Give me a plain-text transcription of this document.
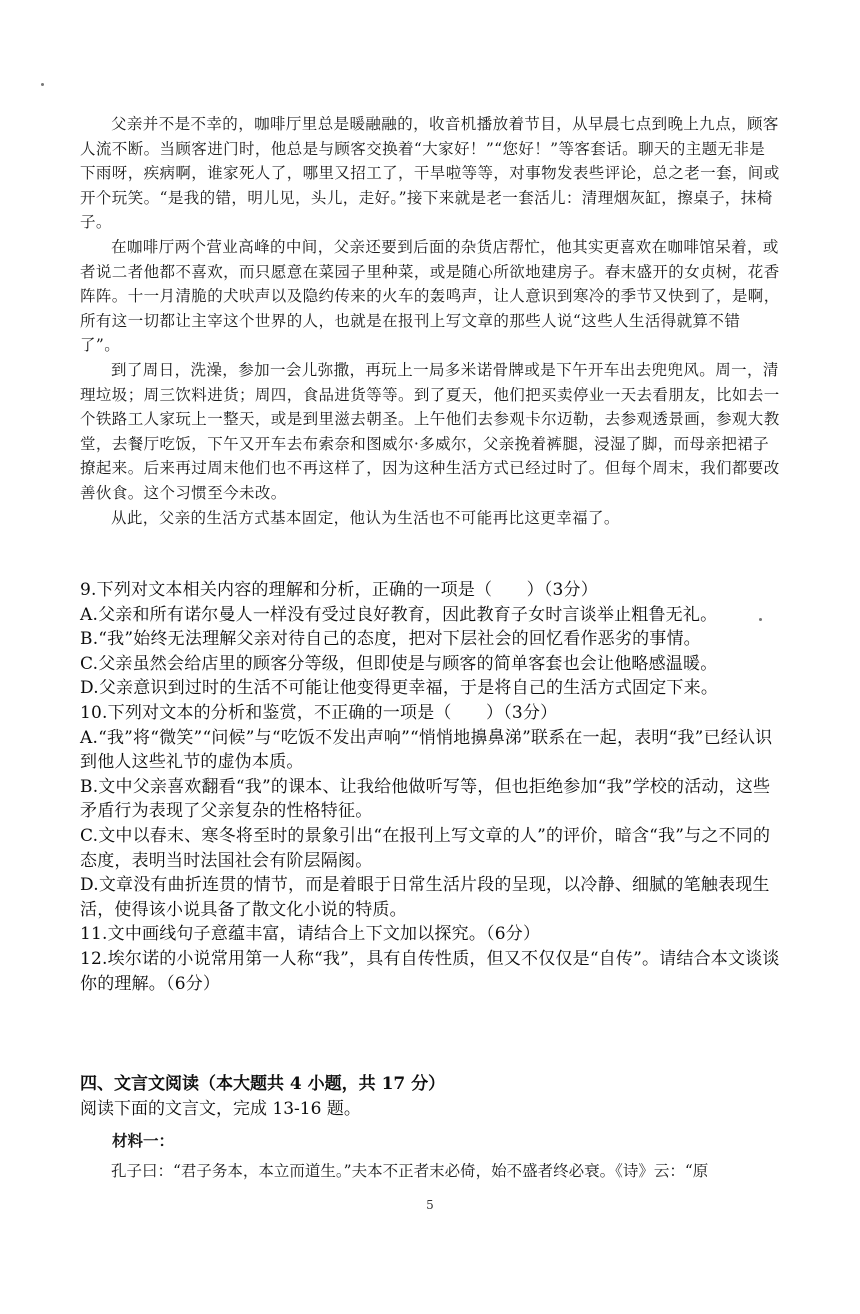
父亲并不是不幸的，咖啡厅里总是暖融融的，收音机播放着节目，从早晨七点到晚上九点，顾客人流不断。当顾客进门时，他总是与顾客交换着“大家好！”“您好！”等客套话。聊天的主题无非是下雨呀，疾病啊，谁家死人了，哪里又招工了，干旱啦等等，对事物发表些评论，总之老一套，间或开个玩笑。“是我的错，明儿见，头儿，走好。”接下来就是老一套活儿：清理烟灰缸，擦桌子，抹椅子。

在咖啡厅两个营业高峰的中间，父亲还要到后面的杂货店帮忙，他其实更喜欢在咖啡馆呆着，或者说二者他都不喜欢，而只愿意在菜园子里种菜，或是随心所欲地建房子。春末盛开的女贞树，花香阵阵。十一月清脆的犬吠声以及隐约传来的火车的轰鸣声，让人意识到寒冷的季节又快到了，是啊，所有这一切都让主宰这个世界的人，也就是在报刊上写文章的那些人说“这些人生活得就算不错了”。

到了周日，洗澡，参加一会儿弥撒，再玩上一局多米诺骨牌或是下午开车出去兜兜风。周一，清理垃圾；周三饮料进货；周四，食品进货等等。到了夏天，他们把买卖停业一天去看朋友，比如去一个铁路工人家玩上一整天，或是到里滋去朝圣。上午他们去参观卡尔迈勒，去参观透景画，参观大教堂，去餐厅吃饭，下午又开车去布索奈和图威尔·多威尔，父亲挽着裤腿，浸湿了脚，而母亲把裙子撩起来。后来再过周末他们也不再这样了，因为这种生活方式已经过时了。但每个周末，我们都要改善伙食。这个习惯至今未改。

从此，父亲的生活方式基本固定，他认为生活也不可能再比这更幸福了。

9.下列对文本相关内容的理解和分析，正确的一项是（　　）（3分）
A.父亲和所有诺尔曼人一样没有受过良好教育，因此教育子女时言谈举止粗鲁无礼。
B.“我”始终无法理解父亲对待自己的态度，把对下层社会的回忆看作恶劣的事情。
C.父亲虽然会给店里的顾客分等级，但即使是与顾客的简单客套也会让他略感温暖。
D.父亲意识到过时的生活不可能让他变得更幸福，于是将自己的生活方式固定下来。
10.下列对文本的分析和鉴赏，不正确的一项是（　　）（3分）
A.“我”将“微笑”“问候”与“吃饭不发出声响”“悄悄地擤鼻涕”联系在一起，表明“我”已经认识到他人这些礼节的虚伪本质。
B.文中父亲喜欢翻看“我”的课本、让我给他做听写等，但也拒绝参加“我”学校的活动，这些矛盾行为表现了父亲复杂的性格特征。
C.文中以春末、寒冬将至时的景象引出“在报刊上写文章的人”的评价，暗含“我”与之不同的态度，表明当时法国社会有阶层隔阂。
D.文章没有曲折连贯的情节，而是着眼于日常生活片段的呈现，以冷静、细腻的笔触表现生活，使得该小说具备了散文化小说的特质。
11.文中画线句子意蕴丰富，请结合上下文加以探究。（6分）
12.埃尔诺的小说常用第一人称“我”，具有自传性质，但又不仅仅是“自传”。请结合本文谈谈你的理解。（6分）
四、文言文阅读（本大题共 4 小题，共 17 分）
阅读下面的文言文，完成 13-16 题。
材料一：
孔子曰：“君子务本，本立而道生。”夫本不正者末必倚，始不盛者终必衰。《诗》云：“原
5
